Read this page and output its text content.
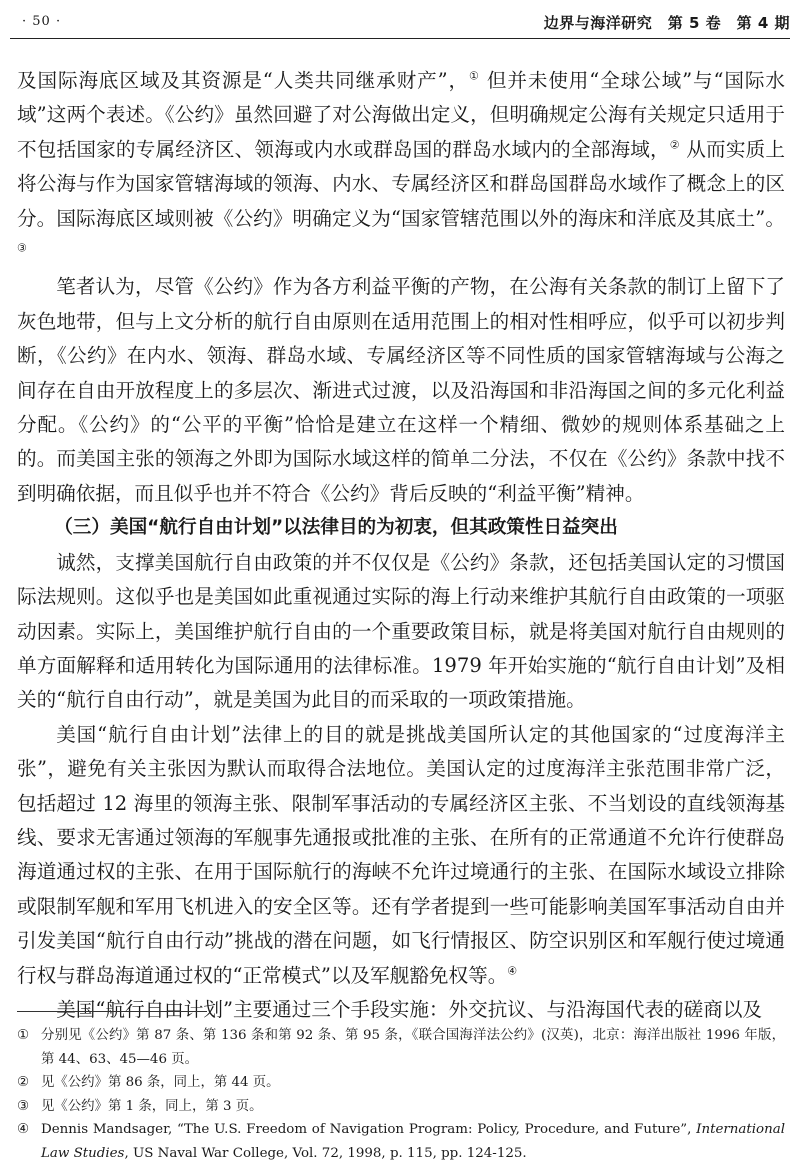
· 50 ·	边界与海洋研究　第 5 卷　第 4 期

及国际海底区域及其资源是“人类共同继承财产”，① 但并未使用“全球公域”与“国际水域”这两个表述。《公约》虽然回避了对公海做出定义，但明确规定公海有关规定只适用于不包括国家的专属经济区、领海或内水或群岛国的群岛水域内的全部海域，② 从而实质上将公海与作为国家管辖海域的领海、内水、专属经济区和群岛国群岛水域作了概念上的区分。国际海底区域则被《公约》明确定义为“国家管辖范围以外的海床和洋底及其底土”。③

笔者认为，尽管《公约》作为各方利益平衡的产物，在公海有关条款的制订上留下了灰色地带，但与上文分析的航行自由原则在适用范围上的相对性相呼应，似乎可以初步判断，《公约》在内水、领海、群岛水域、专属经济区等不同性质的国家管辖海域与公海之间存在自由开放程度上的多层次、渐进式过渡，以及沿海国和非沿海国之间的多元化利益分配。《公约》的“公平的平衡”恰恰是建立在这样一个精细、微妙的规则体系基础之上的。而美国主张的领海之外即为国际水域这样的简单二分法，不仅在《公约》条款中找不到明确依据，而且似乎也并不符合《公约》背后反映的“利益平衡”精神。

（三）美国“航行自由计划”以法律目的为初衷，但其政策性日益突出

诚然，支撑美国航行自由政策的并不仅仅是《公约》条款，还包括美国认定的习惯国际法规则。这似乎也是美国如此重视通过实际的海上行动来维护其航行自由政策的一项驱动因素。实际上，美国维护航行自由的一个重要政策目标，就是将美国对航行自由规则的单方面解释和适用转化为国际通用的法律标准。1979 年开始实施的“航行自由计划”及相关的“航行自由行动”，就是美国为此目的而采取的一项政策措施。

美国“航行自由计划”法律上的目的就是挑战美国所认定的其他国家的“过度海洋主张”，避免有关主张因为默认而取得合法地位。美国认定的过度海洋主张范围非常广泛，包括超过 12 海里的领海主张、限制军事活动的专属经济区主张、不当划设的直线领海基线、要求无害通过领海的军舰事先通报或批准的主张、在所有的正常通道不允许行使群岛海道通过权的主张、在用于国际航行的海峡不允许过境通行的主张、在国际水域设立排除或限制军舰和军用飞机进入的安全区等。还有学者提到一些可能影响美国军事活动自由并引发美国“航行自由行动”挑战的潜在问题，如飞行情报区、防空识别区和军舰行使过境通行权与群岛海道通过权的“正常模式”以及军舰豁免权等。④

美国“航行自由计划”主要通过三个手段实施：外交抗议、与沿海国代表的磋商以及

① 分别见《公约》第 87 条、第 136 条和第 92 条、第 95 条，《联合国海洋法公约》(汉英)，北京：海洋出版社 1996 年版，第 44、63、45—46 页。
② 见《公约》第 86 条，同上，第 44 页。
③ 见《公约》第 1 条，同上，第 3 页。
④ Dennis Mandsager, “The U.S. Freedom of Navigation Program: Policy, Procedure, and Future”, International Law Studies, US Naval War College, Vol. 72, 1998, p. 115, pp. 124-125.
